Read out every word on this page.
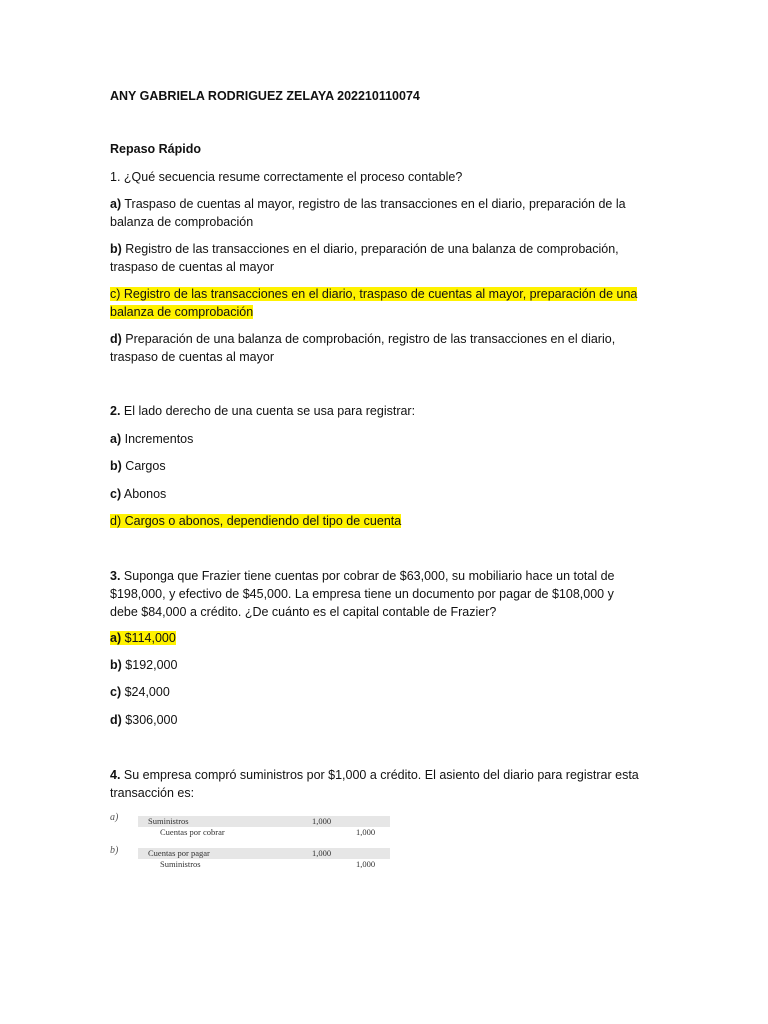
ANY GABRIELA RODRIGUEZ ZELAYA 202210110074
Repaso Rápido
1. ¿Qué secuencia resume correctamente el proceso contable?
a) Traspaso de cuentas al mayor, registro de las transacciones en el diario, preparación de la
balanza de comprobación
b) Registro de las transacciones en el diario, preparación de una balanza de comprobación,
traspaso de cuentas al mayor
c) Registro de las transacciones en el diario, traspaso de cuentas al mayor, preparación de una
balanza de comprobación
d) Preparación de una balanza de comprobación, registro de las transacciones en el diario,
traspaso de cuentas al mayor
2. El lado derecho de una cuenta se usa para registrar:
a) Incrementos
b) Cargos
c) Abonos
d) Cargos o abonos, dependiendo del tipo de cuenta
3. Suponga que Frazier tiene cuentas por cobrar de $63,000, su mobiliario hace un total de
$198,000, y efectivo de $45,000. La empresa tiene un documento por pagar de $108,000 y
debe $84,000 a crédito. ¿De cuánto es el capital contable de Frazier?
a) $114,000
b) $192,000
c) $24,000
d) $306,000
4. Su empresa compró suministros por $1,000 a crédito. El asiento del diario para registrar esta
transacción es:
a)	Suministros	1,000
Cuentas por cobrar	1,000
b)	Cuentas por pagar	1,000
Suministros	1,000
